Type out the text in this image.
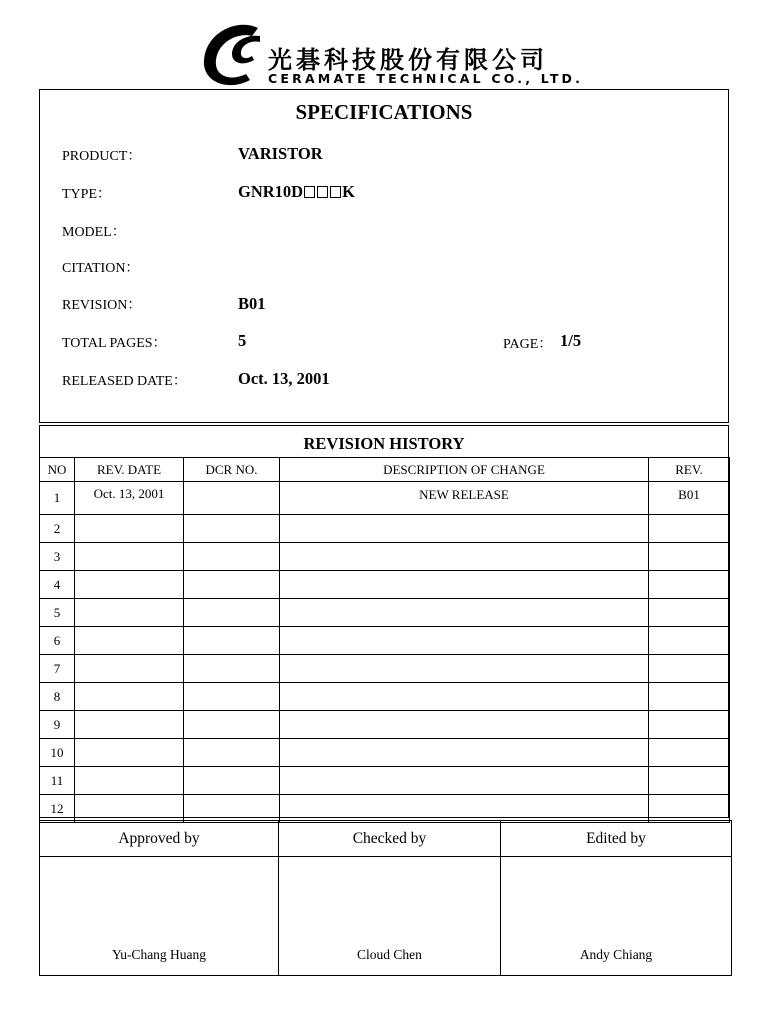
光碁科技股份有限公司
CERAMATE TECHNICAL CO., LTD.
SPECIFICATIONS
PRODUCT：	VARISTOR
TYPE：	GNR10D K
MODEL：
CITATION：
REVISION：	B01
TOTAL PAGES：	5	PAGE： 1/5
RELEASED DATE：	Oct. 13, 2001
REVISION HISTORY
NO	REV. DATE	DCR NO.	DESCRIPTION OF CHANGE	REV.
1	Oct. 13, 2001		NEW RELEASE	B01
2				
3				
4				
5				
6				
7				
8				
9				
10				
11				
12				
Approved by	Checked by	Edited by
Yu-Chang Huang	Cloud Chen	Andy Chiang
